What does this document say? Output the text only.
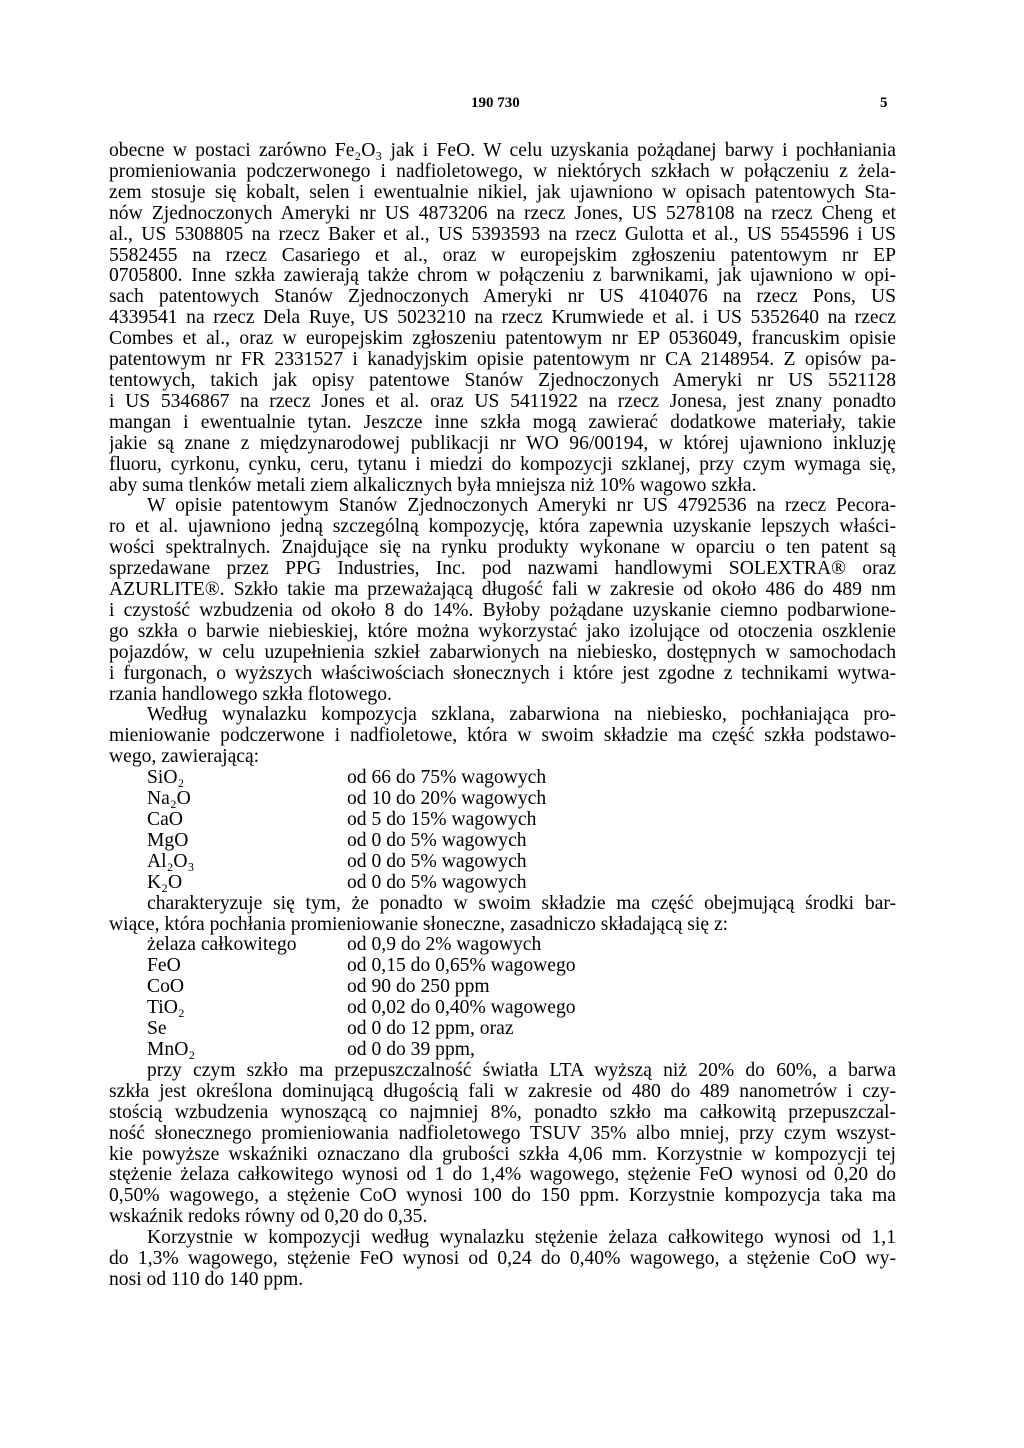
190 730	5
obecne w postaci zarówno Fe₂O₃ jak i FeO. W celu uzyskania pożądanej barwy i pochłaniania
promieniowania podczerwonego i nadfioletowego, w niektórych szkłach w połączeniu z żela-
zem stosuje się kobalt, selen i ewentualnie nikiel, jak ujawniono w opisach patentowych Sta-
nów Zjednoczonych Ameryki nr US 4873206 na rzecz Jones, US 5278108 na rzecz Cheng et
al., US 5308805 na rzecz Baker et al., US 5393593 na rzecz Gulotta et al., US 5545596 i US
5582455 na rzecz Casariego et al., oraz w europejskim zgłoszeniu patentowym nr EP
0705800. Inne szkła zawierają także chrom w połączeniu z barwnikami, jak ujawniono w opi-
sach patentowych Stanów Zjednoczonych Ameryki nr US 4104076 na rzecz Pons, US
4339541 na rzecz Dela Ruye, US 5023210 na rzecz Krumwiede et al. i US 5352640 na rzecz
Combes et al., oraz w europejskim zgłoszeniu patentowym nr EP 0536049, francuskim opisie
patentowym nr FR 2331527 i kanadyjskim opisie patentowym nr CA 2148954. Z opisów pa-
tentowych, takich jak opisy patentowe Stanów Zjednoczonych Ameryki nr US 5521128
i US 5346867 na rzecz Jones et al. oraz US 5411922 na rzecz Jonesa, jest znany ponadto
mangan i ewentualnie tytan. Jeszcze inne szkła mogą zawierać dodatkowe materiały, takie
jakie są znane z międzynarodowej publikacji nr WO 96/00194, w której ujawniono inkluzję
fluoru, cyrkonu, cynku, ceru, tytanu i miedzi do kompozycji szklanej, przy czym wymaga się,
aby suma tlenków metali ziem alkalicznych była mniejsza niż 10% wagowo szkła.
W opisie patentowym Stanów Zjednoczonych Ameryki nr US 4792536 na rzecz Pecora-
ro et al. ujawniono jedną szczególną kompozycję, która zapewnia uzyskanie lepszych właści-
wości spektralnych. Znajdujące się na rynku produkty wykonane w oparciu o ten patent są
sprzedawane przez PPG Industries, Inc. pod nazwami handlowymi SOLEXTRA® oraz
AZURLITE®. Szkło takie ma przeważającą długość fali w zakresie od około 486 do 489 nm
i czystość wzbudzenia od około 8 do 14%. Byłoby pożądane uzyskanie ciemno podbarwione-
go szkła o barwie niebieskiej, które można wykorzystać jako izolujące od otoczenia oszklenie
pojazdów, w celu uzupełnienia szkieł zabarwionych na niebiesko, dostępnych w samochodach
i furgonach, o wyższych właściwościach słonecznych i które jest zgodne z technikami wytwa-
rzania handlowego szkła flotowego.
Według wynalazku kompozycja szklana, zabarwiona na niebiesko, pochłaniająca pro-
mieniowanie podczerwone i nadfioletowe, która w swoim składzie ma część szkła podstawo-
wego, zawierającą:
SiO₂	od 66 do 75% wagowych
Na₂O	od 10 do 20% wagowych
CaO	od 5 do 15% wagowych
MgO	od 0 do 5% wagowych
Al₂O₃	od 0 do 5% wagowych
K₂O	od 0 do 5% wagowych
charakteryzuje się tym, że ponadto w swoim składzie ma część obejmującą środki bar-
wiące, która pochłania promieniowanie słoneczne, zasadniczo składającą się z:
żelaza całkowitego	od 0,9 do 2% wagowych
FeO	od 0,15 do 0,65% wagowego
CoO	od 90 do 250 ppm
TiO₂	od 0,02 do 0,40% wagowego
Se	od 0 do 12 ppm, oraz
MnO₂	od 0 do 39 ppm,
przy czym szkło ma przepuszczalność światła LTA wyższą niż 20% do 60%, a barwa
szkła jest określona dominującą długością fali w zakresie od 480 do 489 nanometrów i czy-
stością wzbudzenia wynoszącą co najmniej 8%, ponadto szkło ma całkowitą przepuszczal-
ność słonecznego promieniowania nadfioletowego TSUV 35% albo mniej, przy czym wszyst-
kie powyższe wskaźniki oznaczano dla grubości szkła 4,06 mm. Korzystnie w kompozycji tej
stężenie żelaza całkowitego wynosi od 1 do 1,4% wagowego, stężenie FeO wynosi od 0,20 do
0,50% wagowego, a stężenie CoO wynosi 100 do 150 ppm. Korzystnie kompozycja taka ma
wskaźnik redoks równy od 0,20 do 0,35.
Korzystnie w kompozycji według wynalazku stężenie żelaza całkowitego wynosi od 1,1
do 1,3% wagowego, stężenie FeO wynosi od 0,24 do 0,40% wagowego, a stężenie CoO wy-
nosi od 110 do 140 ppm.
